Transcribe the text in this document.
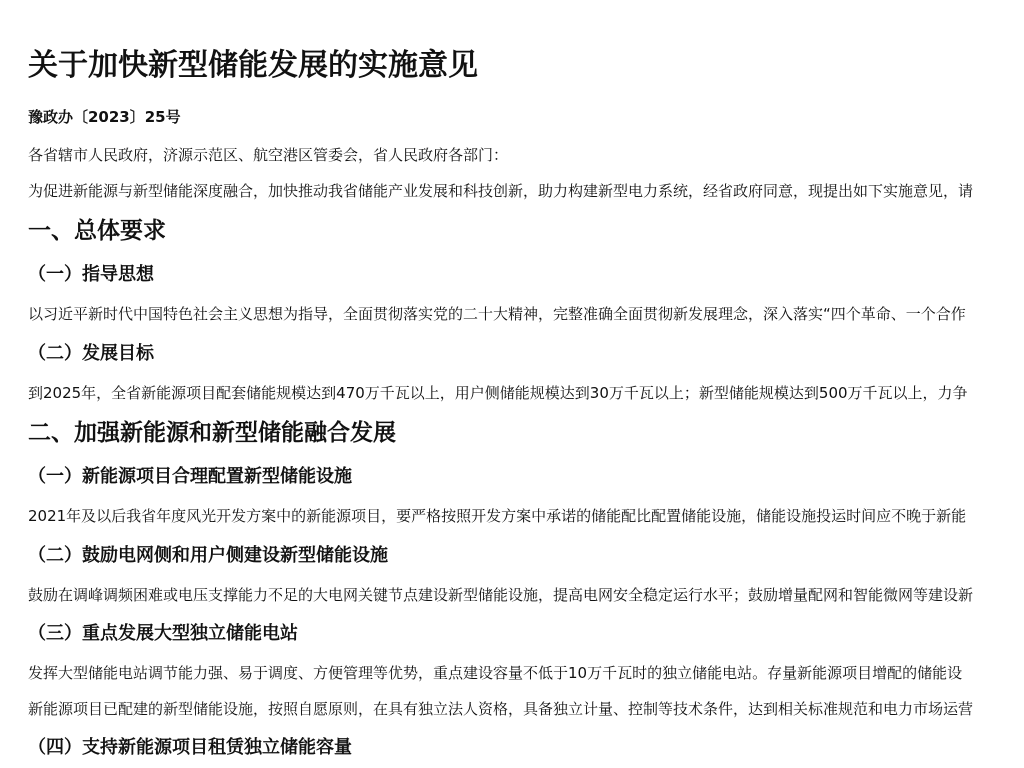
关于加快新型储能发展的实施意见
豫政办〔2023〕25号
各省辖市人民政府，济源示范区、航空港区管委会，省人民政府各部门：
为促进新能源与新型储能深度融合，加快推动我省储能产业发展和科技创新，助力构建新型电力系统，经省政府同意，现提出如下实施意见，请
一、总体要求
（一）指导思想
以习近平新时代中国特色社会主义思想为指导，全面贯彻落实党的二十大精神，完整准确全面贯彻新发展理念，深入落实“四个革命、一个合作
（二）发展目标
到2025年，全省新能源项目配套储能规模达到470万千瓦以上，用户侧储能规模达到30万千瓦以上；新型储能规模达到500万千瓦以上，力争
二、加强新能源和新型储能融合发展
（一）新能源项目合理配置新型储能设施
2021年及以后我省年度风光开发方案中的新能源项目，要严格按照开发方案中承诺的储能配比配置储能设施，储能设施投运时间应不晚于新能
（二）鼓励电网侧和用户侧建设新型储能设施
鼓励在调峰调频困难或电压支撑能力不足的大电网关键节点建设新型储能设施，提高电网安全稳定运行水平；鼓励增量配网和智能微网等建设新
（三）重点发展大型独立储能电站
发挥大型储能电站调节能力强、易于调度、方便管理等优势，重点建设容量不低于10万千瓦时的独立储能电站。存量新能源项目增配的储能设
新能源项目已配建的新型储能设施，按照自愿原则，在具有独立法人资格，具备独立计量、控制等技术条件，达到相关标准规范和电力市场运营
（四）支持新能源项目租赁独立储能容量
